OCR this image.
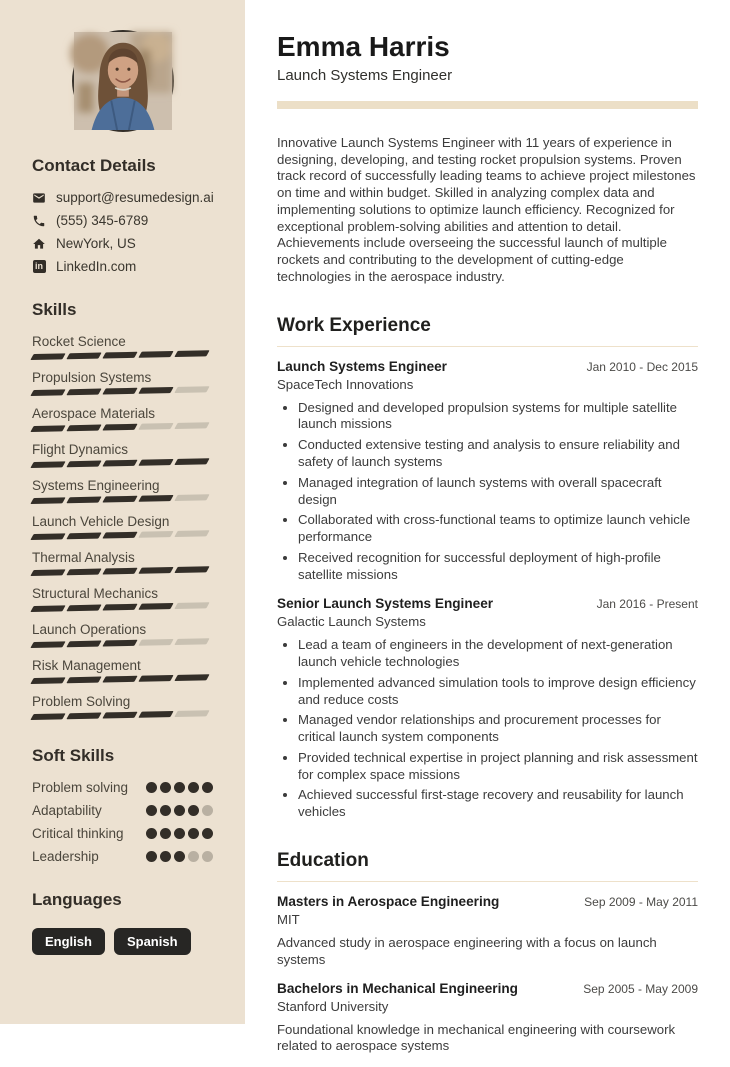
Contact Details
support@resumedesign.ai
(555) 345-6789
NewYork, US
in LinkedIn.com
Skills
Rocket Science
Propulsion Systems
Aerospace Materials
Flight Dynamics
Systems Engineering
Launch Vehicle Design
Thermal Analysis
Structural Mechanics
Launch Operations
Risk Management
Problem Solving
Soft Skills
Problem solving
Adaptability
Critical thinking
Leadership
Languages
English	Spanish
Emma Harris
Launch Systems Engineer

Innovative Launch Systems Engineer with 11 years of experience in designing, developing, and testing rocket propulsion systems. Proven track record of successfully leading teams to achieve project milestones on time and within budget. Skilled in analyzing complex data and implementing solutions to optimize launch efficiency. Recognized for exceptional problem-solving abilities and attention to detail. Achievements include overseeing the successful launch of multiple rockets and contributing to the development of cutting-edge technologies in the aerospace industry.

Work Experience
Launch Systems Engineer	Jan 2010 - Dec 2015
SpaceTech Innovations
• Designed and developed propulsion systems for multiple satellite launch missions
• Conducted extensive testing and analysis to ensure reliability and safety of launch systems
• Managed integration of launch systems with overall spacecraft design
• Collaborated with cross-functional teams to optimize launch vehicle performance
• Received recognition for successful deployment of high-profile satellite missions
Senior Launch Systems Engineer	Jan 2016 - Present
Galactic Launch Systems
• Lead a team of engineers in the development of next-generation launch vehicle technologies
• Implemented advanced simulation tools to improve design efficiency and reduce costs
• Managed vendor relationships and procurement processes for critical launch system components
• Provided technical expertise in project planning and risk assessment for complex space missions
• Achieved successful first-stage recovery and reusability for launch vehicles
Education
Masters in Aerospace Engineering	Sep 2009 - May 2011
MIT

Advanced study in aerospace engineering with a focus on launch systems

Bachelors in Mechanical Engineering	Sep 2005 - May 2009
Stanford University

Foundational knowledge in mechanical engineering with coursework related to aerospace systems
